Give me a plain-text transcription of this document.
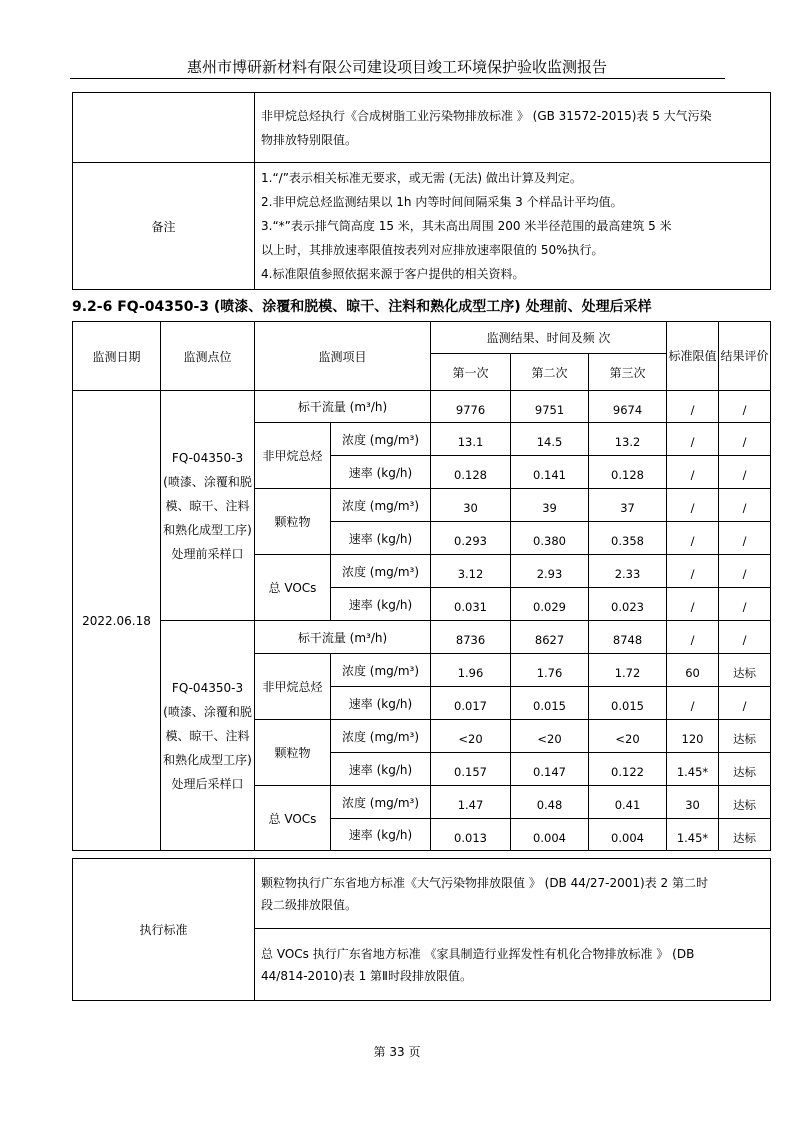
惠州市博研新材料有限公司建设项目竣工环境保护验收监测报告

	非甲烷总烃执行《合成树脂工业污染物排放标准 》 (GB 31572-2015)表 5 大气污染
物排放特别限值。

备注	1.“/”表示相关标准无要求，或无需 (无法) 做出计算及判定。
2.非甲烷总烃监测结果以 1h 内等时间间隔采集 3 个样品计平均值。
3.“*”表示排气筒高度 15 米，其未高出周围 200 米半径范围的最高建筑 5 米
以上时，其排放速率限值按表列对应排放速率限值的 50%执行。
4.标准限值参照依据来源于客户提供的相关资料。
9.2-6 FQ-04350-3 (喷漆、涂覆和脱模、晾干、注料和熟化成型工序) 处理前、处理后采样
监测日期	监测点位	监测项目		监测结果、时间及频 次			标准限值	结果评价
				第一次	第二次	第三次		
2022.06.18	FQ-04350-3 (喷漆、涂覆和脱模、晾干、注料和熟化成型工序) 处理前采样口	标干流量 (m³/h)		9776	9751	9674	/	/
		非甲烷总烃	浓度 (mg/m³)	13.1	14.5	13.2	/	/
			速率 (kg/h)	0.128	0.141	0.128	/	/
		颗粒物	浓度 (mg/m³)	30	39	37	/	/
			速率 (kg/h)	0.293	0.380	0.358	/	/
		总 VOCs	浓度 (mg/m³)	3.12	2.93	2.33	/	/
			速率 (kg/h)	0.031	0.029	0.023	/	/
	FQ-04350-3 (喷漆、涂覆和脱模、晾干、注料和熟化成型工序) 处理后采样口	标干流量 (m³/h)		8736	8627	8748	/	/
		非甲烷总烃	浓度 (mg/m³)	1.96	1.76	1.72	60	达标
			速率 (kg/h)	0.017	0.015	0.015	/	/
		颗粒物	浓度 (mg/m³)	<20	<20	<20	120	达标
			速率 (kg/h)	0.157	0.147	0.122	1.45*	达标
		总 VOCs	浓度 (mg/m³)	1.47	0.48	0.41	30	达标
			速率 (kg/h)	0.013	0.004	0.004	1.45*	达标
执行标准	
颗粒物执行广东省地方标准《大气污染物排放限值 》 (DB 44/27-2001)表 2 第二时
段二级排放限值。

总 VOCs 执行广东省地方标准 《家具制造行业挥发性有机化合物排放标准 》 (DB
44/814-2010)表 1 第Ⅱ时段排放限值。
第 33 页
